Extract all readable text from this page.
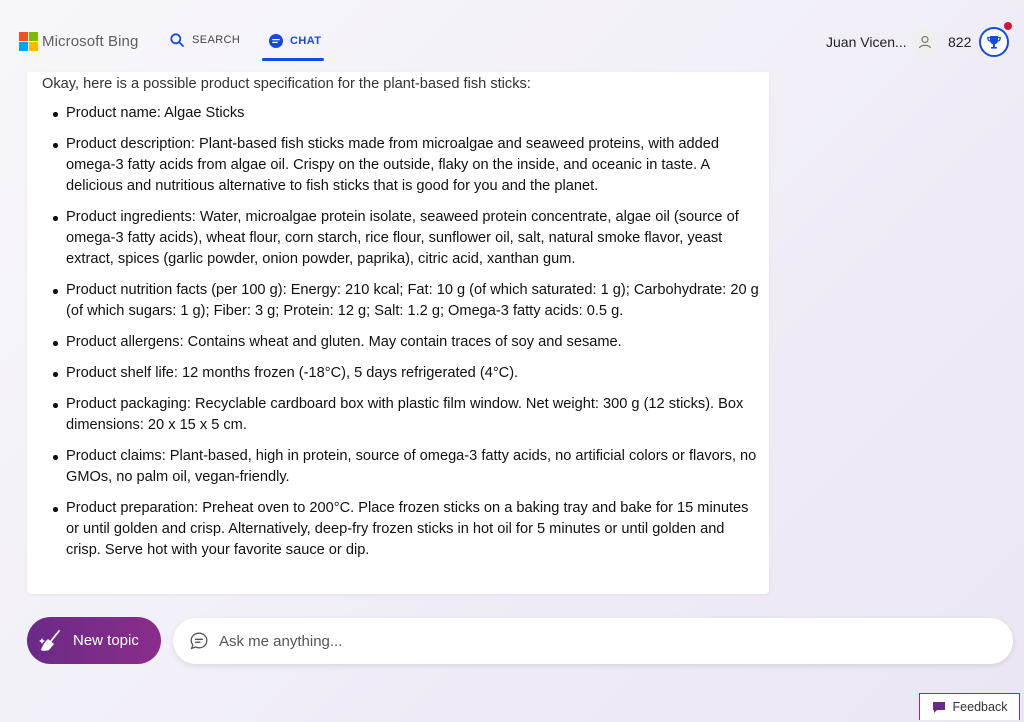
Microsoft Bing	SEARCH	CHAT	Juan Vicen...	822

Okay, here is a possible product specification for the plant-based fish sticks:

Product name: Algae Sticks
Product description: Plant-based fish sticks made from microalgae and seaweed proteins, with added omega-3 fatty acids from algae oil. Crispy on the outside, flaky on the inside, and oceanic in taste. A delicious and nutritious alternative to fish sticks that is good for you and the planet.
Product ingredients: Water, microalgae protein isolate, seaweed protein concentrate, algae oil (source of omega-3 fatty acids), wheat flour, corn starch, rice flour, sunflower oil, salt, natural smoke flavor, yeast extract, spices (garlic powder, onion powder, paprika), citric acid, xanthan gum.
Product nutrition facts (per 100 g): Energy: 210 kcal; Fat: 10 g (of which saturated: 1 g); Carbohydrate: 20 g (of which sugars: 1 g); Fiber: 3 g; Protein: 12 g; Salt: 1.2 g; Omega-3 fatty acids: 0.5 g.
Product allergens: Contains wheat and gluten. May contain traces of soy and sesame.
Product shelf life: 12 months frozen (-18°C), 5 days refrigerated (4°C).
Product packaging: Recyclable cardboard box with plastic film window. Net weight: 300 g (12 sticks). Box dimensions: 20 x 15 x 5 cm.
Product claims: Plant-based, high in protein, source of omega-3 fatty acids, no artificial colors or flavors, no GMOs, no palm oil, vegan-friendly.
Product preparation: Preheat oven to 200°C. Place frozen sticks on a baking tray and bake for 15 minutes or until golden and crisp. Alternatively, deep-fry frozen sticks in hot oil for 5 minutes or until golden and crisp. Serve hot with your favorite sauce or dip.
New topic
Ask me anything...
Feedback
